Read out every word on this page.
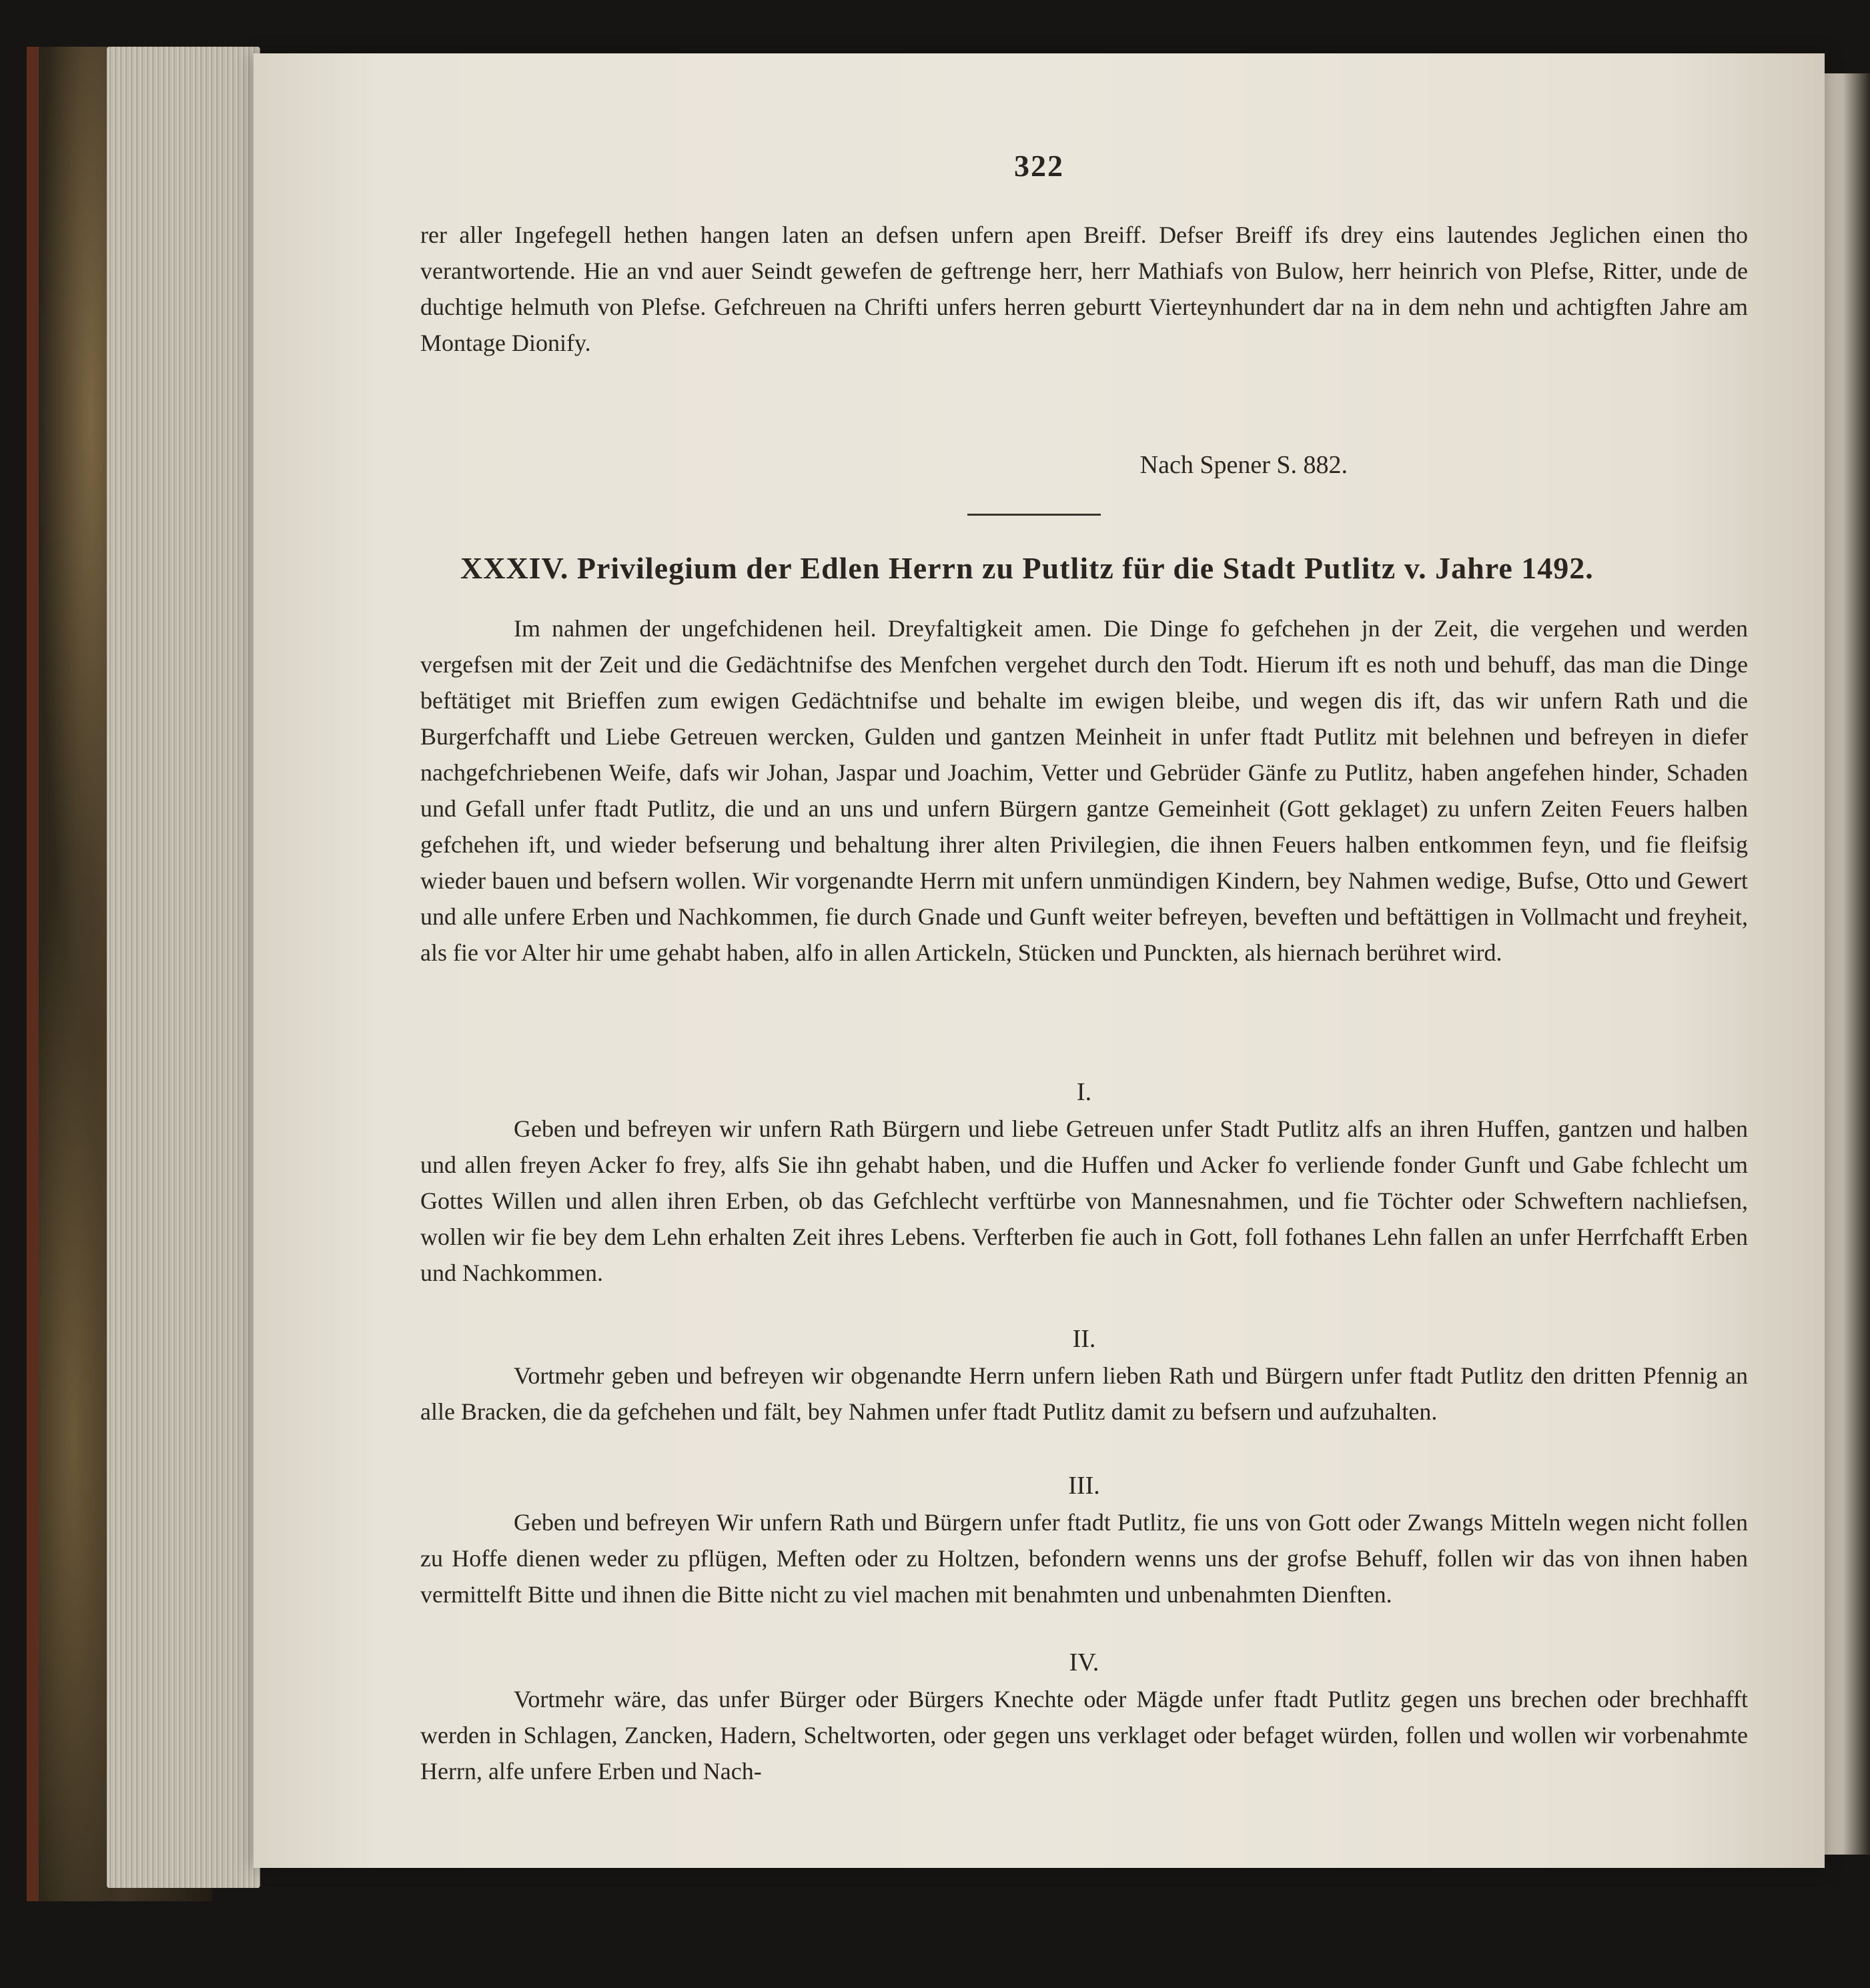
322

rer aller Ingefegell hethen hangen laten an defsen unfern apen Breiff. Defser Breiff ifs drey eins lautendes Jeglichen einen tho verantwortende. Hie an vnd auer Seindt gewefen de geftrenge herr, herr Mathiafs von Bulow, herr heinrich von Plefse, Ritter, unde de duchtige helmuth von Plefse. Gefchreuen na Chrifti unfers herren geburtt Vierteynhundert dar na in dem nehn und achtigften Jahre am Montage Dionify.

Nach Spener S. 882.

XXXIV. Privilegium der Edlen Herrn zu Putlitz für die Stadt Putlitz v. Jahre 1492.

Im nahmen der ungefchidenen heil. Dreyfaltigkeit amen. Die Dinge fo gefchehen jn der Zeit, die vergehen und werden vergefsen mit der Zeit und die Gedächtnifse des Menfchen vergehet durch den Todt. Hierum ift es noth und behuff, das man die Dinge beftätiget mit Brieffen zum ewigen Gedächtnifse und behalte im ewigen bleibe, und wegen dis ift, das wir unfern Rath und die Burgerfchafft und Liebe Getreuen wercken, Gulden und gantzen Meinheit in unfer ftadt Putlitz mit belehnen und befreyen in diefer nachgefchriebenen Weife, dafs wir Johan, Jaspar und Joachim, Vetter und Gebrüder Gänfe zu Putlitz, haben angefehen hinder, Schaden und Gefall unfer ftadt Putlitz, die und an uns und unfern Bürgern gantze Gemeinheit (Gott geklaget) zu unfern Zeiten Feuers halben gefchehen ift, und wieder befserung und behaltung ihrer alten Privilegien, die ihnen Feuers halben entkommen feyn, und fie fleifsig wieder bauen und befsern wollen. Wir vorgenandte Herrn mit unfern unmündigen Kindern, bey Nahmen wedige, Bufse, Otto und Gewert und alle unfere Erben und Nachkommen, fie durch Gnade und Gunft weiter befreyen, beveften und beftättigen in Vollmacht und freyheit, als fie vor Alter hir ume gehabt haben, alfo in allen Artickeln, Stücken und Punckten, als hiernach berühret wird.

I.

Geben und befreyen wir unfern Rath Bürgern und liebe Getreuen unfer Stadt Putlitz alfs an ihren Huffen, gantzen und halben und allen freyen Acker fo frey, alfs Sie ihn gehabt haben, und die Huffen und Acker fo verliende fonder Gunft und Gabe fchlecht um Gottes Willen und allen ihren Erben, ob das Gefchlecht verftürbe von Mannesnahmen, und fie Töchter oder Schweftern nachliefsen, wollen wir fie bey dem Lehn erhalten Zeit ihres Lebens. Verfterben fie auch in Gott, foll fothanes Lehn fallen an unfer Herrfchafft Erben und Nachkommen.

II.

Vortmehr geben und befreyen wir obgenandte Herrn unfern lieben Rath und Bürgern unfer ftadt Putlitz den dritten Pfennig an alle Bracken, die da gefchehen und fält, bey Nahmen unfer ftadt Putlitz damit zu befsern und aufzuhalten.

III.

Geben und befreyen Wir unfern Rath und Bürgern unfer ftadt Putlitz, fie uns von Gott oder Zwangs Mitteln wegen nicht follen zu Hoffe dienen weder zu pflügen, Meften oder zu Holtzen, befondern wenns uns der grofse Behuff, follen wir das von ihnen haben vermittelft Bitte und ihnen die Bitte nicht zu viel machen mit benahmten und unbenahmten Dienften.

IV.

Vortmehr wäre, das unfer Bürger oder Bürgers Knechte oder Mägde unfer ftadt Putlitz gegen uns brechen oder brechhafft werden in Schlagen, Zancken, Hadern, Scheltworten, oder gegen uns verklaget oder befaget würden, follen und wollen wir vorbenahmte Herrn, alfe unfere Erben und Nach-
